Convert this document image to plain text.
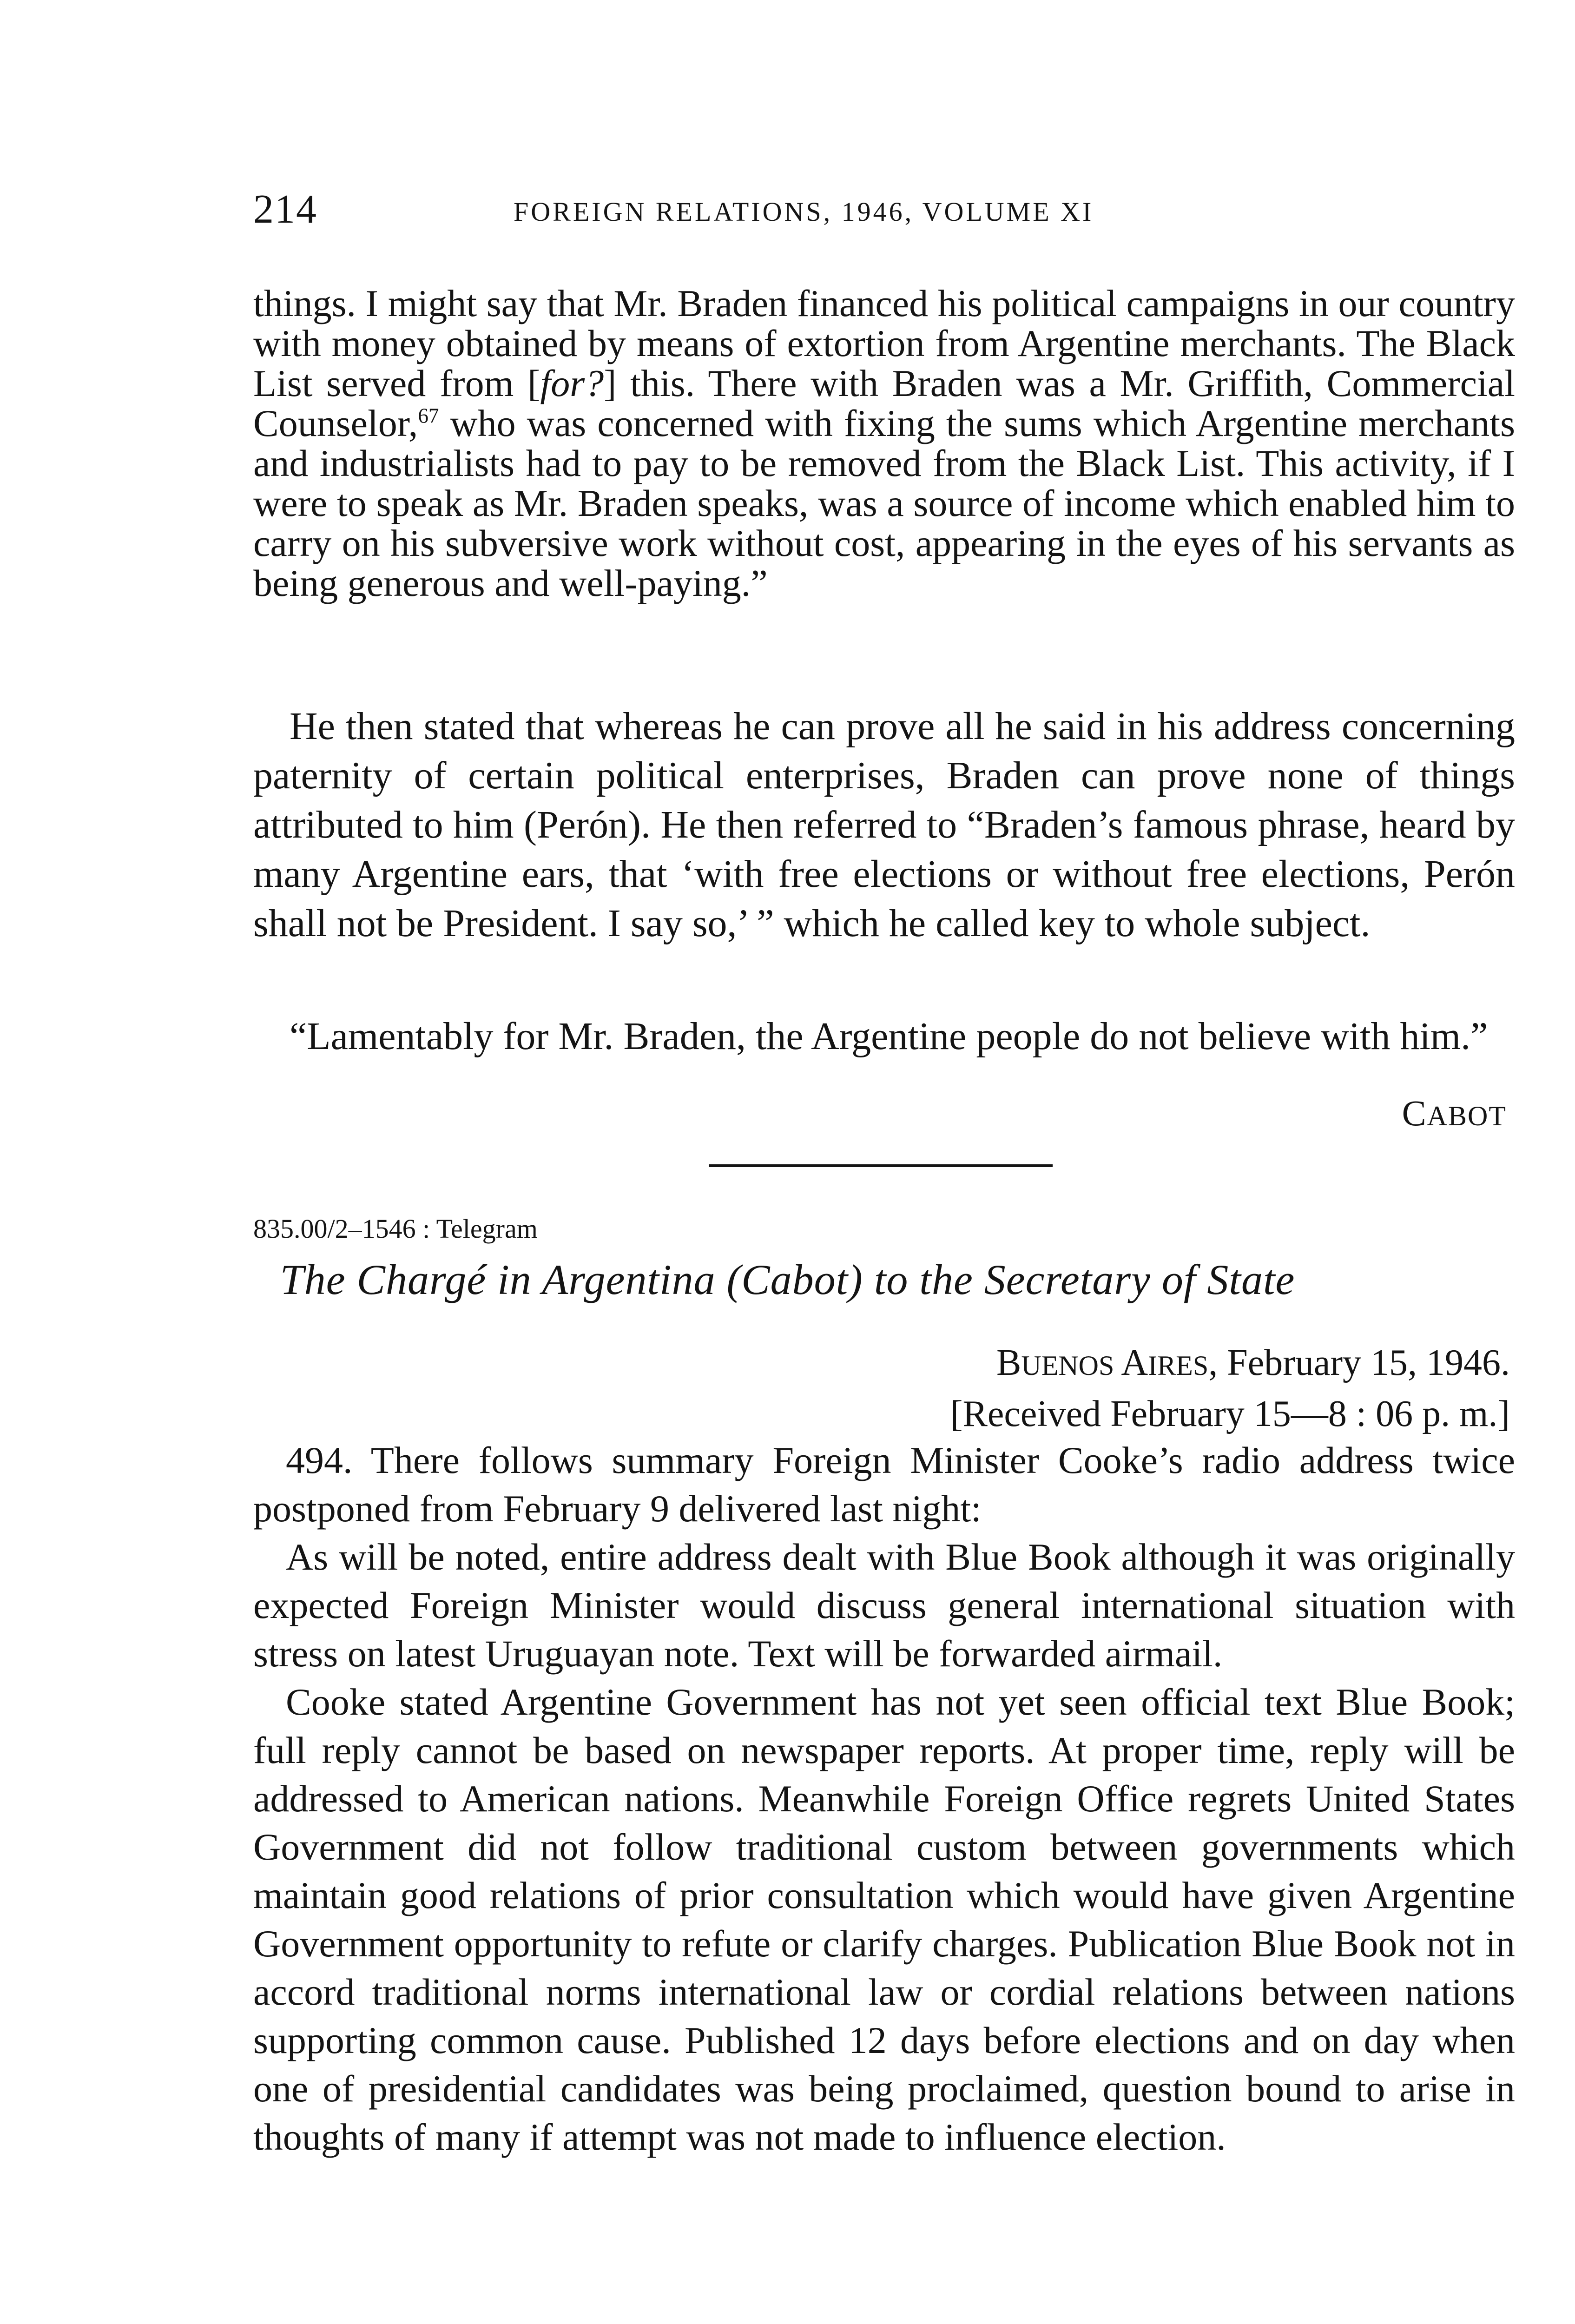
214	FOREIGN RELATIONS, 1946, VOLUME XI

things. I might say that Mr. Braden financed his political campaigns in our country with money obtained by means of extortion from Argentine merchants. The Black List served from [for?] this. There with Braden was a Mr. Griffith, Commercial Counselor,$^{67}$ who was concerned with fixing the sums which Argentine merchants and industrialists had to pay to be removed from the Black List. This activity, if I were to speak as Mr. Braden speaks, was a source of income which enabled him to carry on his subversive work without cost, appearing in the eyes of his servants as being generous and well-paying.”

He then stated that whereas he can prove all he said in his address concerning paternity of certain political enterprises, Braden can prove none of things attributed to him (Perón). He then referred to “Braden’s famous phrase, heard by many Argentine ears, that ‘with free elections or without free elections, Perón shall not be President. I say so,’ ” which he called key to whole subject.

“Lamentably for Mr. Braden, the Argentine people do not believe with him.”

CABOT
835.00/2–1546 : Telegram
The Chargé in Argentina (Cabot) to the Secretary of State
BUENOS AIRES, February 15, 1946.
[Received February 15—8 : 06 p. m.]

494. There follows summary Foreign Minister Cooke’s radio address twice postponed from February 9 delivered last night:

As will be noted, entire address dealt with Blue Book although it was originally expected Foreign Minister would discuss general international situation with stress on latest Uruguayan note. Text will be forwarded airmail.

Cooke stated Argentine Government has not yet seen official text Blue Book; full reply cannot be based on newspaper reports. At proper time, reply will be addressed to American nations. Meanwhile Foreign Office regrets United States Government did not follow traditional custom between governments which maintain good relations of prior consultation which would have given Argentine Government opportunity to refute or clarify charges. Publication Blue Book not in accord traditional norms international law or cordial relations between nations supporting common cause. Published 12 days before elections and on day when one of presidential candidates was being proclaimed, question bound to arise in thoughts of many if attempt was not made to influence election.
